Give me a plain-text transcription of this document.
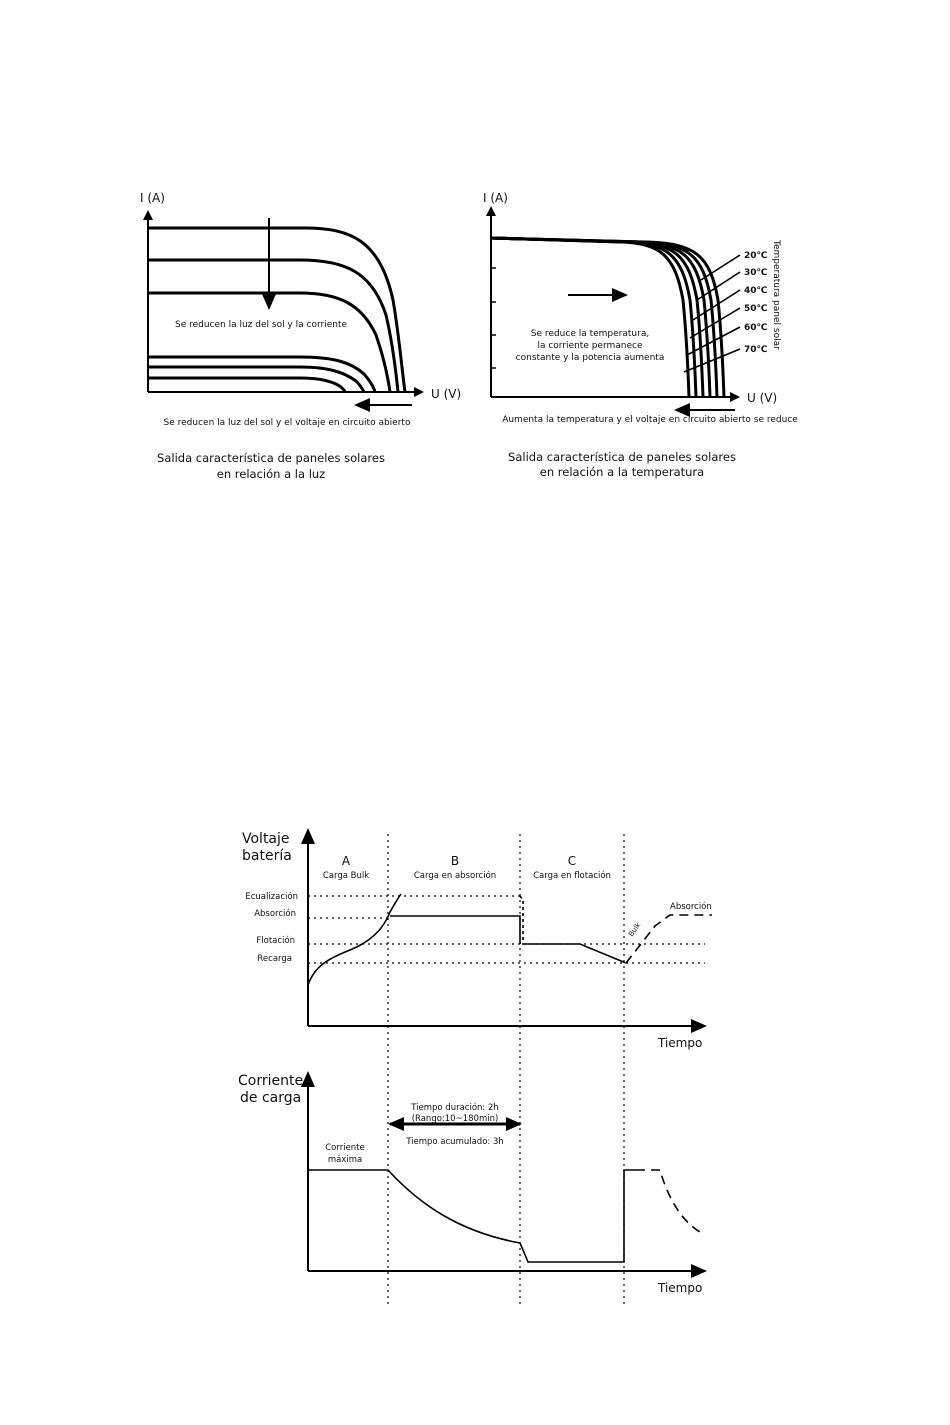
I (A)
U (V)
Se reducen la luz del sol y la corriente
Se reducen la luz del sol y el voltaje en circuito abierto
Salida característica de paneles solares
en relación a la luz
I (A)
U (V)
20℃
30℃
40℃
50℃
60℃
70℃
Temperatura panel solar
Se reduce la temperatura,
la corriente permanece
constante y la potencia aumenta
Aumenta la temperatura y el voltaje en circuito abierto se reduce
Salida característica de paneles solares
en relación a la temperatura
Voltaje
batería
Tiempo
A
Carga Bulk
B
Carga en absorción
C
Carga en flotación
Ecualización
Absorción
Flotación
Recarga
Bulk
Absorción
Corriente
de carga
Tiempo
Corriente
máxima
Tiempo duración: 2h
(Rango:10~180min)
Tiempo acumulado: 3h
